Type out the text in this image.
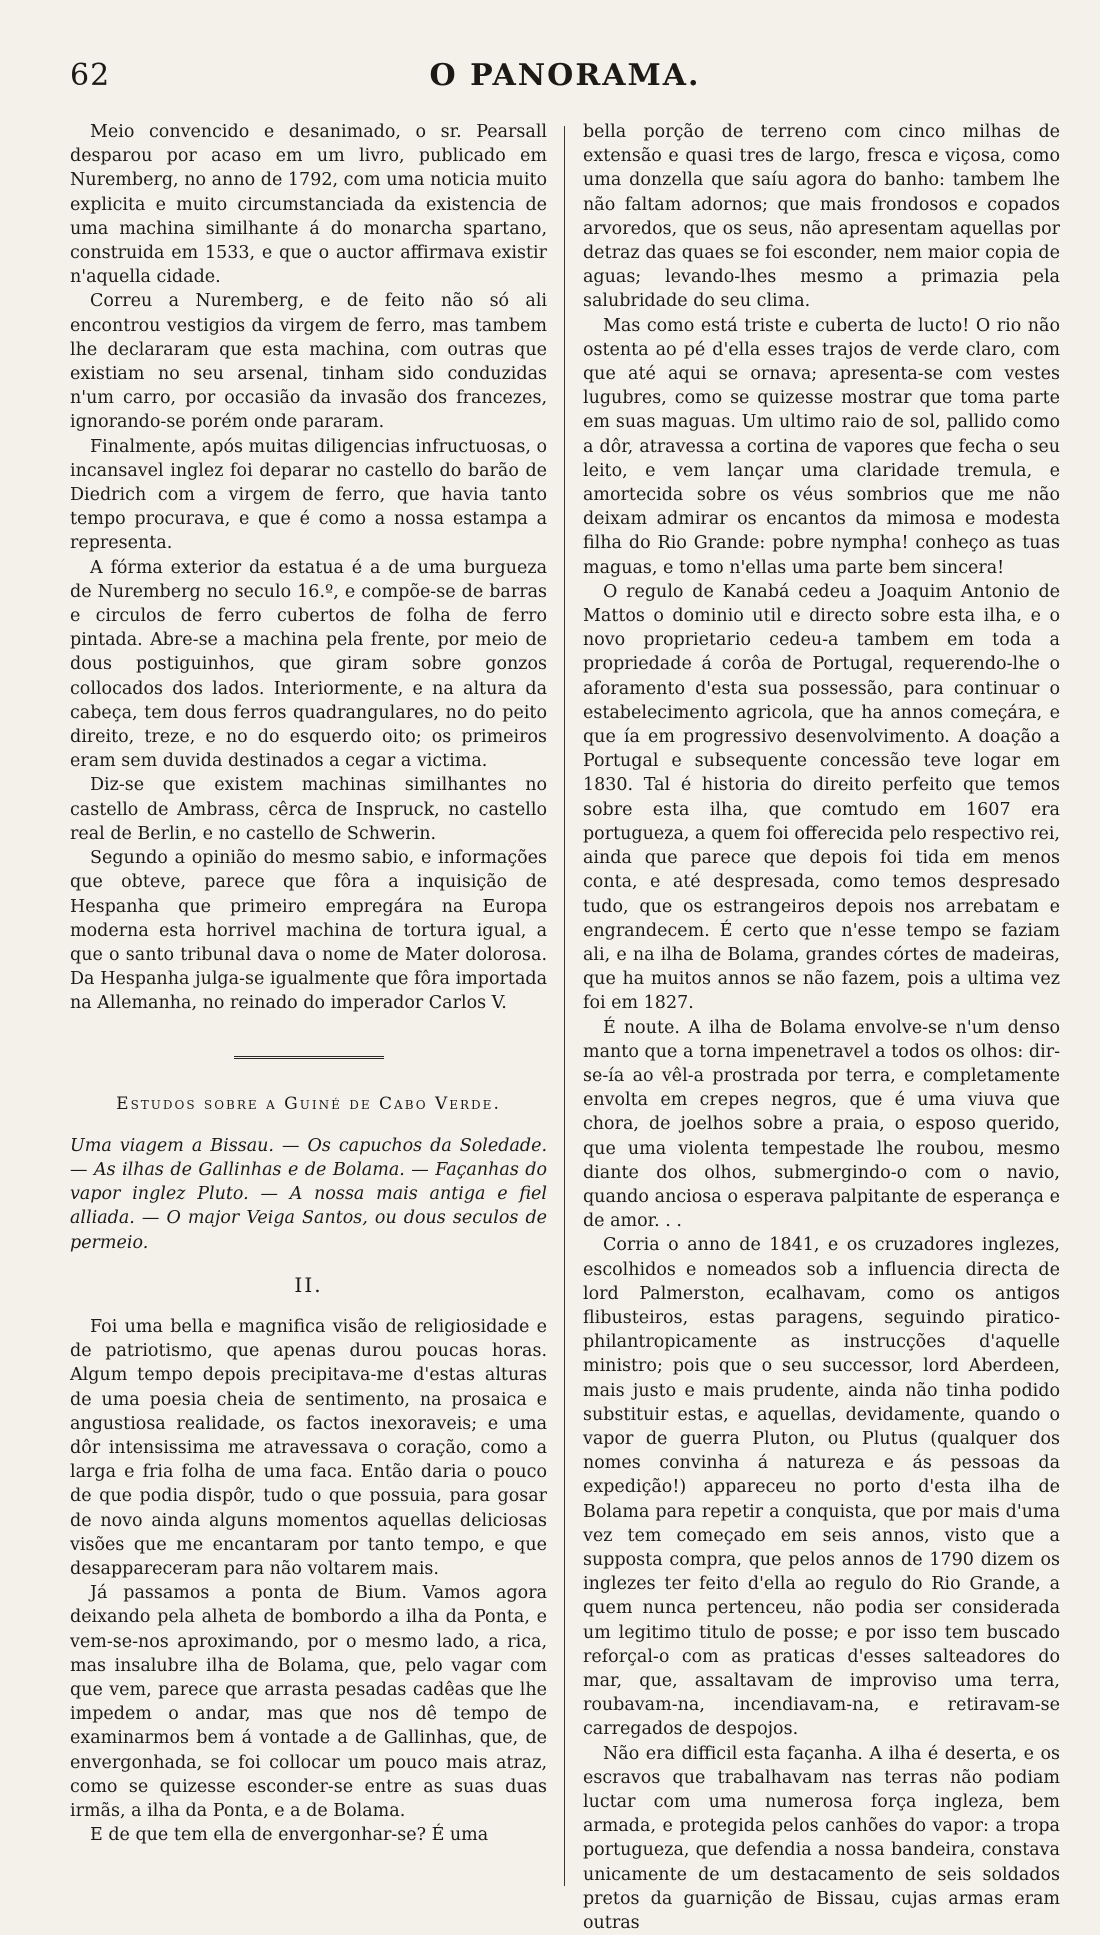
62	O PANORAMA.

Meio convencido e desanimado, o sr. Pearsall desparou por acaso em um livro, publicado em Nuremberg, no anno de 1792, com uma noticia muito explicita e muito circumstanciada da existencia de uma machina similhante á do monarcha spartano, construida em 1533, e que o auctor affirmava existir n'aquella cidade.

Correu a Nuremberg, e de feito não só ali encontrou vestigios da virgem de ferro, mas tambem lhe declararam que esta machina, com outras que existiam no seu arsenal, tinham sido conduzidas n'um carro, por occasião da invasão dos francezes, ignorando-se porém onde pararam.

Finalmente, após muitas diligencias infructuosas, o incansavel inglez foi deparar no castello do barão de Diedrich com a virgem de ferro, que havia tanto tempo procurava, e que é como a nossa estampa a representa.

A fórma exterior da estatua é a de uma burgueza de Nuremberg no seculo 16.º, e compõe-se de barras e circulos de ferro cubertos de folha de ferro pintada. Abre-se a machina pela frente, por meio de dous postiguinhos, que giram sobre gonzos collocados dos lados. Interiormente, e na altura da cabeça, tem dous ferros quadrangulares, no do peito direito, treze, e no do esquerdo oito; os primeiros eram sem duvida destinados a cegar a victima.

Diz-se que existem machinas similhantes no castello de Ambrass, cêrca de Inspruck, no castello real de Berlin, e no castello de Schwerin.

Segundo a opinião do mesmo sabio, e informações que obteve, parece que fôra a inquisição de Hespanha que primeiro empregára na Europa moderna esta horrivel machina de tortura igual, a que o santo tribunal dava o nome de Mater dolorosa. Da Hespanha julga-se igualmente que fôra importada na Allemanha, no reinado do imperador Carlos V.

Estudos sobre a Guiné de Cabo Verde.

Uma viagem a Bissau. — Os capuchos da Soledade. — As ilhas de Gallinhas e de Bolama. — Façanhas do vapor inglez Pluto. — A nossa mais antiga e fiel alliada. — O major Veiga Santos, ou dous seculos de permeio.

II.

Foi uma bella e magnifica visão de religiosidade e de patriotismo, que apenas durou poucas horas. Algum tempo depois precipitava-me d'estas alturas de uma poesia cheia de sentimento, na prosaica e angustiosa realidade, os factos inexoraveis; e uma dôr intensissima me atravessava o coração, como a larga e fria folha de uma faca. Então daria o pouco de que podia dispôr, tudo o que possuia, para gosar de novo ainda alguns momentos aquellas deliciosas visões que me encantaram por tanto tempo, e que desappareceram para não voltarem mais.

Já passamos a ponta de Bium. Vamos agora deixando pela alheta de bombordo a ilha da Ponta, e vem-se-nos aproximando, por o mesmo lado, a rica, mas insalubre ilha de Bolama, que, pelo vagar com que vem, parece que arrasta pesadas cadêas que lhe impedem o andar, mas que nos dê tempo de examinarmos bem á vontade a de Gallinhas, que, de envergonhada, se foi collocar um pouco mais atraz, como se quizesse esconder-se entre as suas duas irmãs, a ilha da Ponta, e a de Bolama.

E de que tem ella de envergonhar-se? É uma

bella porção de terreno com cinco milhas de extensão e quasi tres de largo, fresca e viçosa, como uma donzella que saíu agora do banho: tambem lhe não faltam adornos; que mais frondosos e copados arvoredos, que os seus, não apresentam aquellas por detraz das quaes se foi esconder, nem maior copia de aguas; levando-lhes mesmo a primazia pela salubridade do seu clima.

Mas como está triste e cuberta de lucto! O rio não ostenta ao pé d'ella esses trajos de verde claro, com que até aqui se ornava; apresenta-se com vestes lugubres, como se quizesse mostrar que toma parte em suas maguas. Um ultimo raio de sol, pallido como a dôr, atravessa a cortina de vapores que fecha o seu leito, e vem lançar uma claridade tremula, e amortecida sobre os véus sombrios que me não deixam admirar os encantos da mimosa e modesta filha do Rio Grande: pobre nympha! conheço as tuas maguas, e tomo n'ellas uma parte bem sincera!

O regulo de Kanabá cedeu a Joaquim Antonio de Mattos o dominio util e directo sobre esta ilha, e o novo proprietario cedeu-a tambem em toda a propriedade á corôa de Portugal, requerendo-lhe o aforamento d'esta sua possessão, para continuar o estabelecimento agricola, que ha annos começára, e que ía em progressivo desenvolvimento. A doação a Portugal e subsequente concessão teve logar em 1830. Tal é historia do direito perfeito que temos sobre esta ilha, que comtudo em 1607 era portugueza, a quem foi offerecida pelo respectivo rei, ainda que parece que depois foi tida em menos conta, e até despresada, como temos despresado tudo, que os estrangeiros depois nos arrebatam e engrandecem. É certo que n'esse tempo se faziam ali, e na ilha de Bolama, grandes córtes de madeiras, que ha muitos annos se não fazem, pois a ultima vez foi em 1827.

É noute. A ilha de Bolama envolve-se n'um denso manto que a torna impenetravel a todos os olhos: dir-se-ía ao vêl-a prostrada por terra, e completamente envolta em crepes negros, que é uma viuva que chora, de joelhos sobre a praia, o esposo querido, que uma violenta tempestade lhe roubou, mesmo diante dos olhos, submergindo-o com o navio, quando anciosa o esperava palpitante de esperança e de amor. . .

Corria o anno de 1841, e os cruzadores inglezes, escolhidos e nomeados sob a influencia directa de lord Palmerston, ecalhavam, como os antigos flibusteiros, estas paragens, seguindo piratico-philantropicamente as instrucções d'aquelle ministro; pois que o seu successor, lord Aberdeen, mais justo e mais prudente, ainda não tinha podido substituir estas, e aquellas, devidamente, quando o vapor de guerra Pluton, ou Plutus (qualquer dos nomes convinha á natureza e ás pessoas da expedição!) appareceu no porto d'esta ilha de Bolama para repetir a conquista, que por mais d'uma vez tem começado em seis annos, visto que a supposta compra, que pelos annos de 1790 dizem os inglezes ter feito d'ella ao regulo do Rio Grande, a quem nunca pertenceu, não podia ser considerada um legitimo titulo de posse; e por isso tem buscado reforçal-o com as praticas d'esses salteadores do mar, que, assaltavam de improviso uma terra, roubavam-na, incendiavam-na, e retiravam-se carregados de despojos.

Não era difficil esta façanha. A ilha é deserta, e os escravos que trabalhavam nas terras não podiam luctar com uma numerosa força ingleza, bem armada, e protegida pelos canhões do vapor: a tropa portugueza, que defendia a nossa bandeira, constava unicamente de um destacamento de seis soldados pretos da guarnição de Bissau, cujas armas eram outras
